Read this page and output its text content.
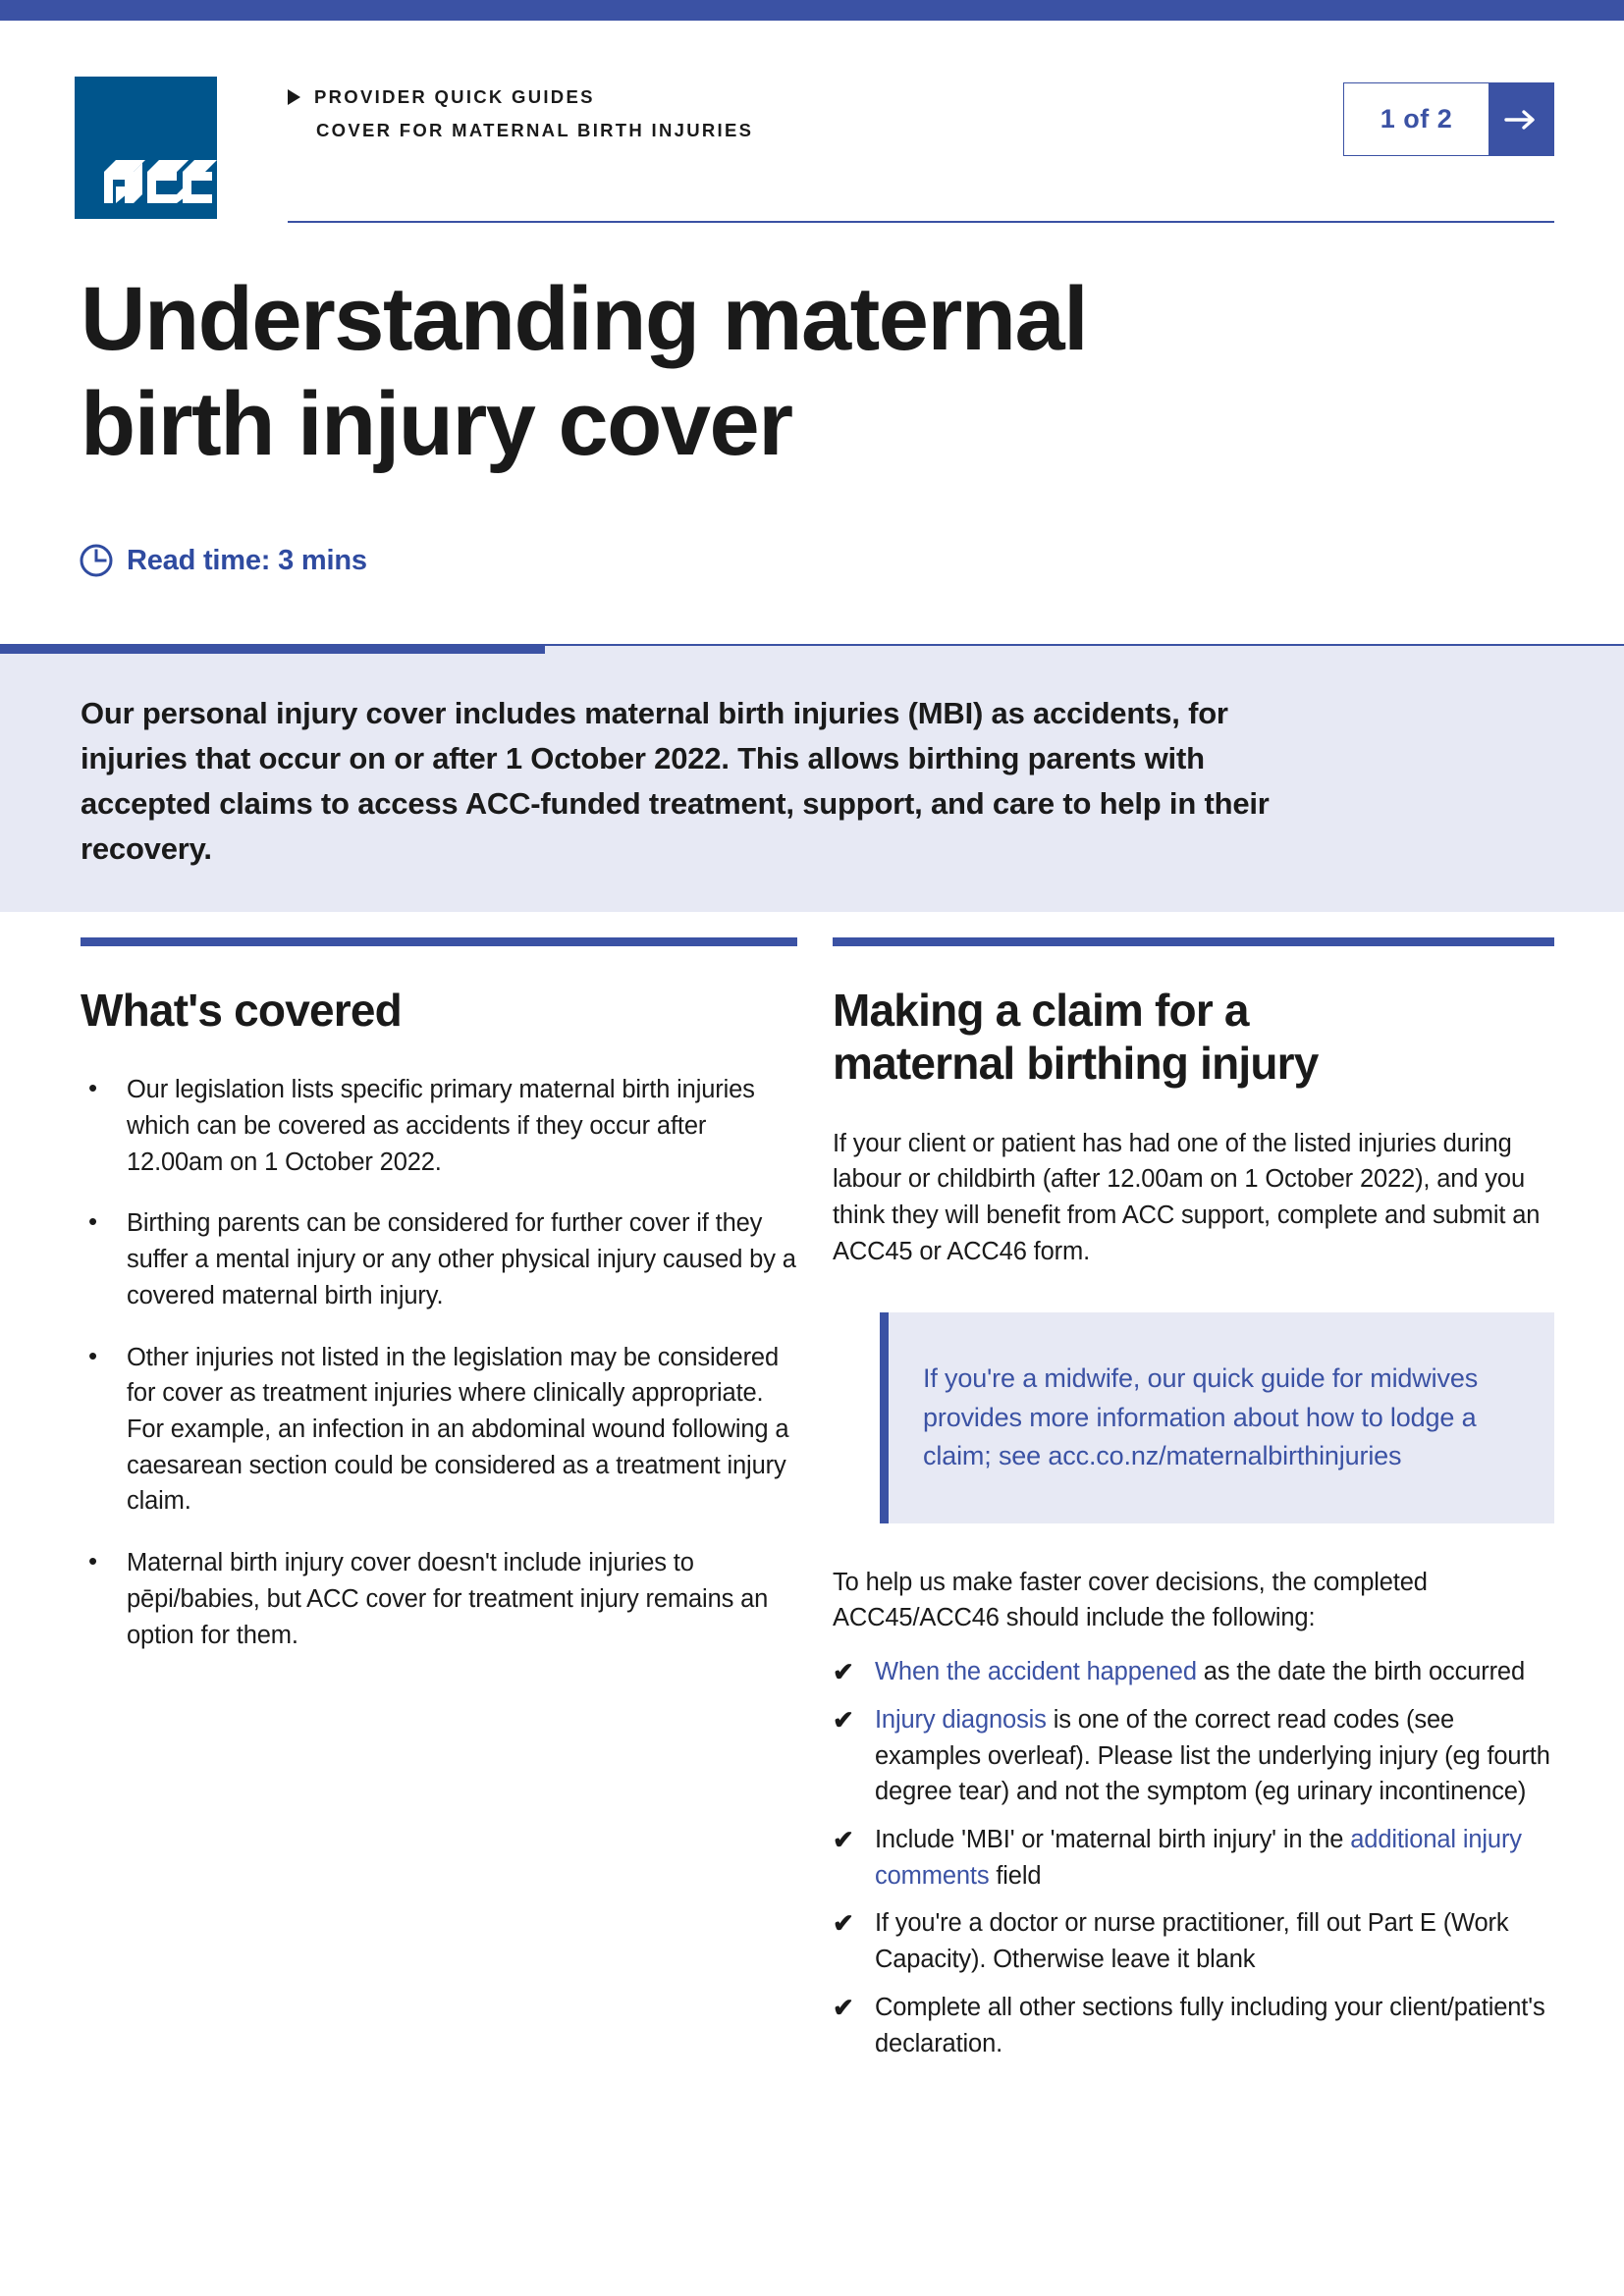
PROVIDER QUICK GUIDES
COVER FOR MATERNAL BIRTH INJURIES	1 of 2
Understanding maternal
birth injury cover
Read time: 3 mins
Our personal injury cover includes maternal birth injuries (MBI) as accidents, for injuries that occur on or after 1 October 2022. This allows birthing parents with accepted claims to access ACC-funded treatment, support, and care to help in their recovery.
What's covered
• Our legislation lists specific primary maternal birth injuries which can be covered as accidents if they occur after 12.00am on 1 October 2022.
• Birthing parents can be considered for further cover if they suffer a mental injury or any other physical injury caused by a covered maternal birth injury.
• Other injuries not listed in the legislation may be considered for cover as treatment injuries where clinically appropriate. For example, an infection in an abdominal wound following a caesarean section could be considered as a treatment injury claim.
• Maternal birth injury cover doesn't include injuries to pēpi/babies, but ACC cover for treatment injury remains an option for them.
Making a claim for a
maternal birthing injury

If your client or patient has had one of the listed injuries during labour or childbirth (after 12.00am on 1 October 2022), and you think they will benefit from ACC support, complete and submit an ACC45 or ACC46 form.

If you're a midwife, our quick guide for midwives provides more information about how to lodge a claim; see acc.co.nz/maternalbirthinjuries

To help us make faster cover decisions, the completed ACC45/ACC46 should include the following:

✔ When the accident happened as the date the birth occurred
✔ Injury diagnosis is one of the correct read codes (see examples overleaf). Please list the underlying injury (eg fourth degree tear) and not the symptom (eg urinary incontinence)
✔ Include 'MBI' or 'maternal birth injury' in the additional injury comments field
✔ If you're a doctor or nurse practitioner, fill out Part E (Work Capacity). Otherwise leave it blank
✔ Complete all other sections fully including your client/patient's declaration.
